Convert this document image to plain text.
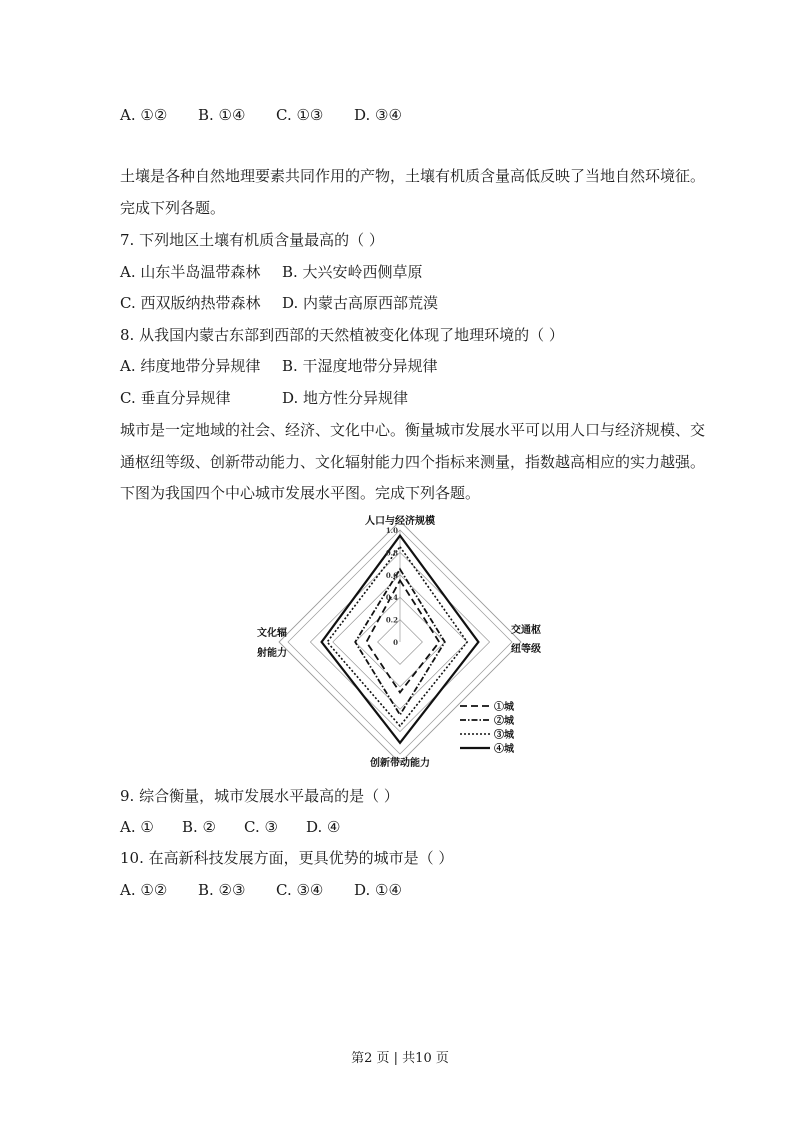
A. ①② B. ①④ C. ①③ D. ③④
土壤是各种自然地理要素共同作用的产物，土壤有机质含量高低反映了当地自然环境征。
完成下列各题。
7. 下列地区土壤有机质含量最高的（ ）
A. 山东半岛温带森林 B. 大兴安岭西侧草原
C. 西双版纳热带森林 D. 内蒙古高原西部荒漠
8. 从我国内蒙古东部到西部的天然植被变化体现了地理环境的（ ）
A. 纬度地带分异规律 B. 干湿度地带分异规律
C. 垂直分异规律	D. 地方性分异规律
城市是一定地域的社会、经济、文化中心。衡量城市发展水平可以用人口与经济规模、交
通枢纽等级、创新带动能力、文化辐射能力四个指标来测量，指数越高相应的实力越强。
下图为我国四个中心城市发展水平图。完成下列各题。
0
0.2
0.4
0.6
0.8
1.0
人口与经济规模
创新带动能力
交通枢
纽等级
文化辐
射能力
①城
②城
③城
④城
9. 综合衡量，城市发展水平最高的是（ ）
A. ① B. ② C. ③ D. ④
10. 在高新科技发展方面，更具优势的城市是（ ）
A. ①② B. ②③ C. ③④ D. ①④
第2 页 | 共10 页
